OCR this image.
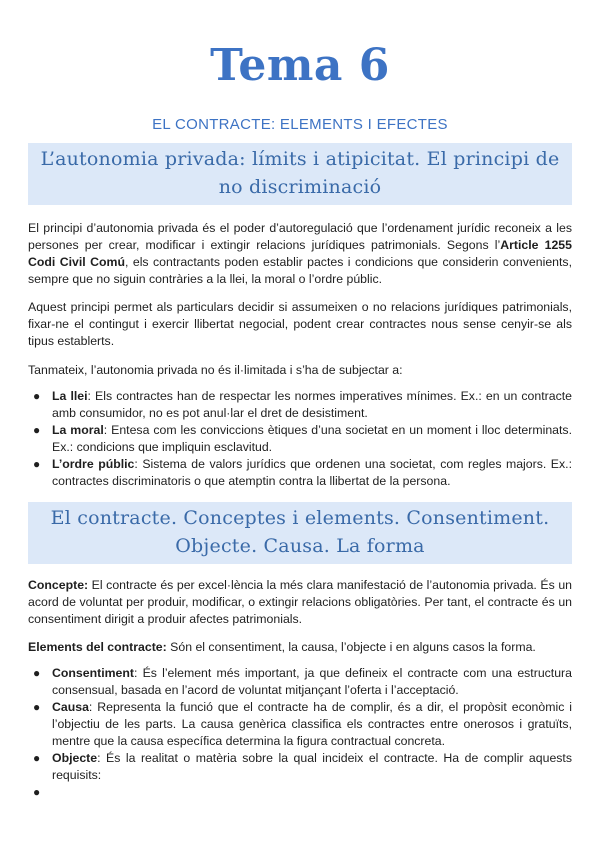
Tema 6
EL CONTRACTE: ELEMENTS I EFECTES
L’autonomia privada: límits i atipicitat. El principi de no discriminació

El principi d’autonomia privada és el poder d’autoregulació que l’ordenament jurídic reconeix a les persones per crear, modificar i extingir relacions jurídiques patrimonials. Segons l’Article 1255 Codi Civil Comú, els contractants poden establir pactes i condicions que considerin convenients, sempre que no siguin contràries a la llei, la moral o l’ordre públic.

Aquest principi permet als particulars decidir si assumeixen o no relacions jurídiques patrimonials, fixar-ne el contingut i exercir llibertat negocial, podent crear contractes nous sense cenyir-se als tipus establerts.

Tanmateix, l’autonomia privada no és il·limitada i s’ha de subjectar a:

● La llei: Els contractes han de respectar les normes imperatives mínimes. Ex.: en un contracte amb consumidor, no es pot anul·lar el dret de desistiment.
● La moral: Entesa com les conviccions ètiques d’una societat en un moment i lloc determinats. Ex.: condicions que impliquin esclavitud.
● L’ordre públic: Sistema de valors jurídics que ordenen una societat, com regles majors. Ex.: contractes discriminatoris o que atemptin contra la llibertat de la persona.
El contracte. Conceptes i elements. Consentiment. Objecte. Causa. La forma

Concepte: El contracte és per excel·lència la més clara manifestació de l’autonomia privada. És un acord de voluntat per produir, modificar, o extingir relacions obligatòries. Per tant, el contracte és un consentiment dirigit a produir afectes patrimonials.

Elements del contracte: Són el consentiment, la causa, l’objecte i en alguns casos la forma.

● Consentiment: És l’element més important, ja que defineix el contracte com una estructura consensual, basada en l’acord de voluntat mitjançant l’oferta i l’acceptació.
● Causa: Representa la funció que el contracte ha de complir, és a dir, el propòsit econòmic i l’objectiu de les parts. La causa genèrica classifica els contractes entre onerosos i gratuïts, mentre que la causa específica determina la figura contractual concreta.
● Objecte: És la realitat o matèria sobre la qual incideix el contracte. Ha de complir aquests requisits:
●
